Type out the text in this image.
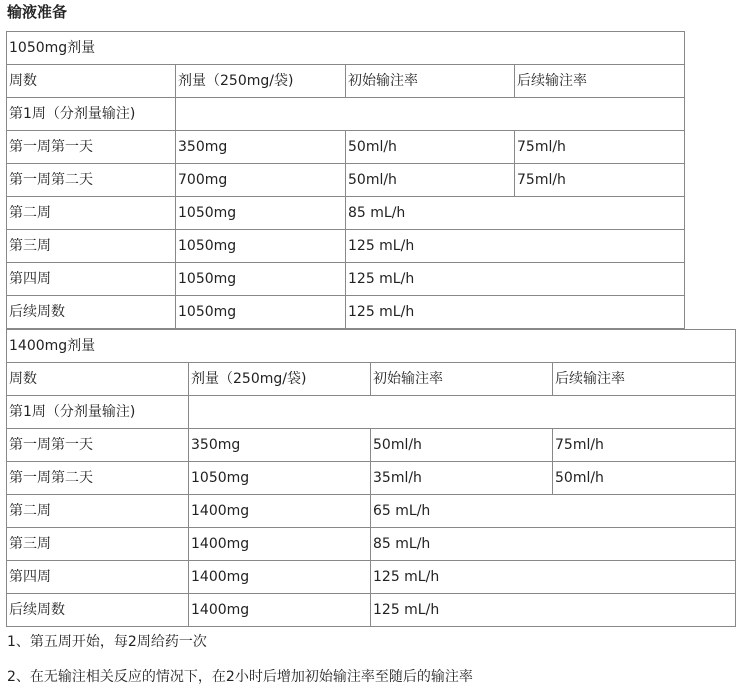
输液准备
1050mg剂量			
周数	剂量（250mg/袋)	初始输注率	后续输注率
第1周（分剂量输注)			
第一周第一天	350mg	50ml/h	75ml/h
第一周第二天	700mg	50ml/h	75ml/h
第二周	1050mg	85 mL/h	
第三周	1050mg	125 mL/h	
第四周	1050mg	125 mL/h	
后续周数	1050mg	125 mL/h	
1400mg剂量			
周数	剂量（250mg/袋)	初始输注率	后续输注率
第1周（分剂量输注)			
第一周第一天	350mg	50ml/h	75ml/h
第一周第二天	1050mg	35ml/h	50ml/h
第二周	1400mg	65 mL/h	
第三周	1400mg	85 mL/h	
第四周	1400mg	125 mL/h	
后续周数	1400mg	125 mL/h	
1、第五周开始，每2周给药一次
2、在无输注相关反应的情况下，在2小时后增加初始输注率至随后的输注率
